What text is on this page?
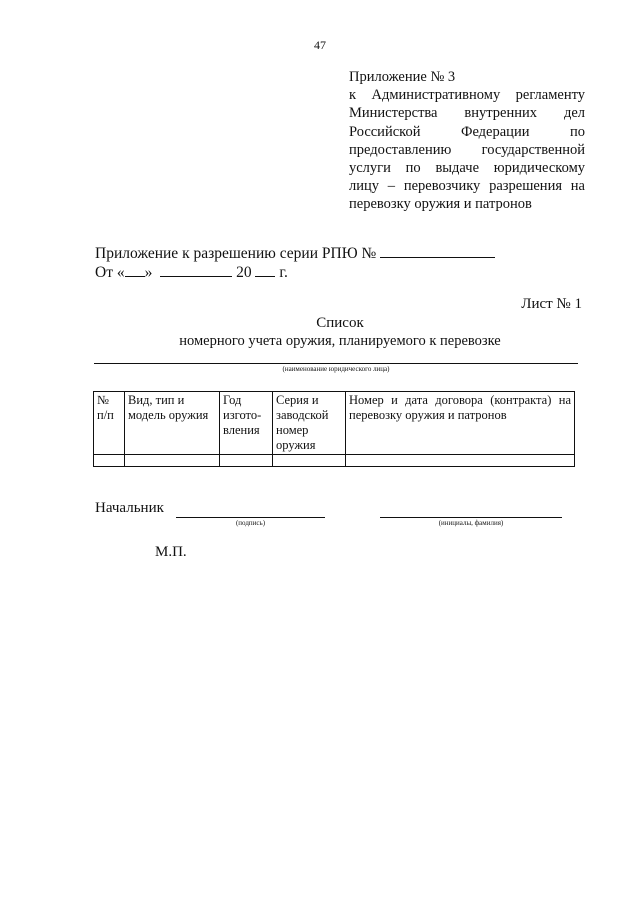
47
Приложение № 3
к Административному регламенту
Министерства внутренних дел
Российской Федерации по
предоставлению государственной
услуги по выдаче юридическому
лицу – перевозчику разрешения на
перевозку оружия и патронов
Приложение к разрешению серии РПЮ №
От « »	20 г.
Лист № 1
Список
номерного учета оружия, планируемого к перевозке
(наименование юридического лица)
№ п/п	Вид, тип и модель оружия	Год изгото-вления	Серия и заводской номер оружия	Номер и дата договора (контракта) на перевозку оружия и патронов

Начальник
(подпись)	(инициалы, фамилия)
М.П.
